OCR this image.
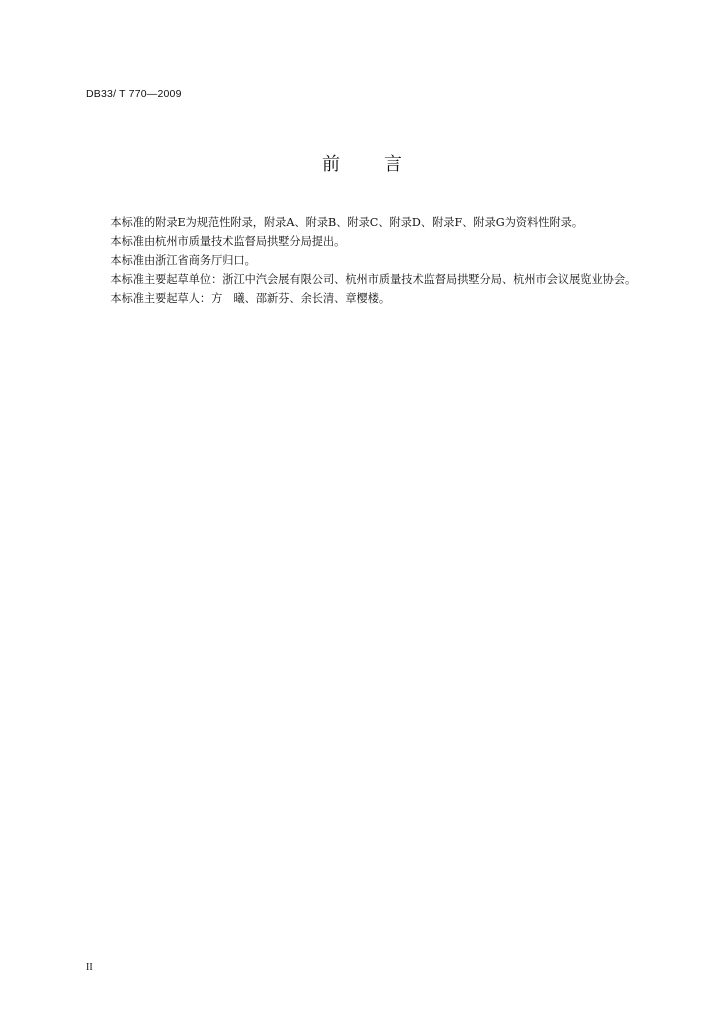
DB33/ T 770—2009
前 言

本标准的附录E为规范性附录，附录A、附录B、附录C、附录D、附录F、附录G为资料性附录。

本标准由杭州市质量技术监督局拱墅分局提出。

本标准由浙江省商务厅归口。

本标准主要起草单位：浙江中汽会展有限公司、杭州市质量技术监督局拱墅分局、杭州市会议展览业协会。

本标准主要起草人：方　曦、邵新芬、余长清、章樱楼。

II
